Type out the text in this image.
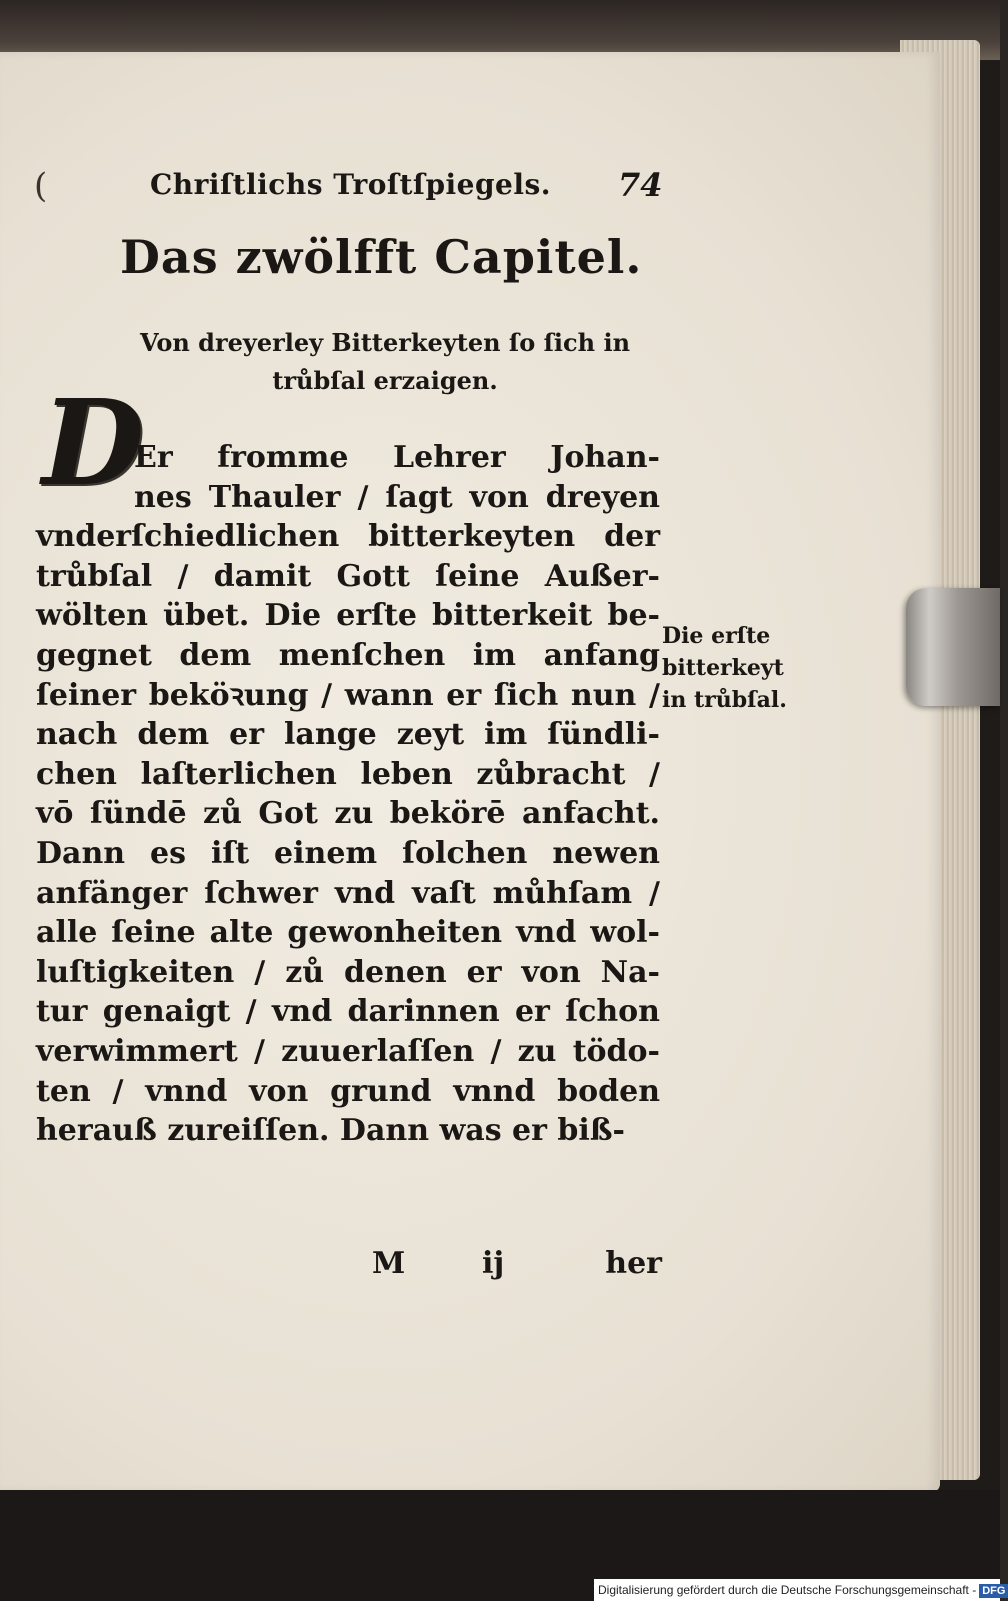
(	Chriſtlichs Troſtſpiegels.	74
Das zwölfft Capitel.
Von dreyerley Bitterkeyten ſo ſich in
trůbſal erzaigen.
D
Er fromme Lehrer Johan-
nes Thauler / ſagt von dreyen
vnderſchiedlichen bitterkeyten der
trůbſal / damit Gott ſeine Außer-
wölten übet. Die erſte bitterkeit be-
gegnet dem menſchen im anfang
ſeiner beköꝛung / wann er ſich nun /
nach dem er lange zeyt im ſündli-
chen laſterlichen leben zůbracht /
vō ſündē zů Got zu bekörē anfacht.
Dann es iſt einem ſolchen newen
anfänger ſchwer vnd vaſt můhſam /
alle ſeine alte gewonheiten vnd wol-
luſtigkeiten / zů denen er von Na-
tur genaigt / vnd darinnen er ſchon
verwimmert / zuuerlaſſen / zu tödo-
ten / vnnd von grund vnnd boden
herauß zureiſſen. Dann was er biß-
Die erſte
bitterkeyt
in trůbſal.
M	ij	her
Digitalisierung gefördert durch die Deutsche Forschungsgemeinschaft - DFG
